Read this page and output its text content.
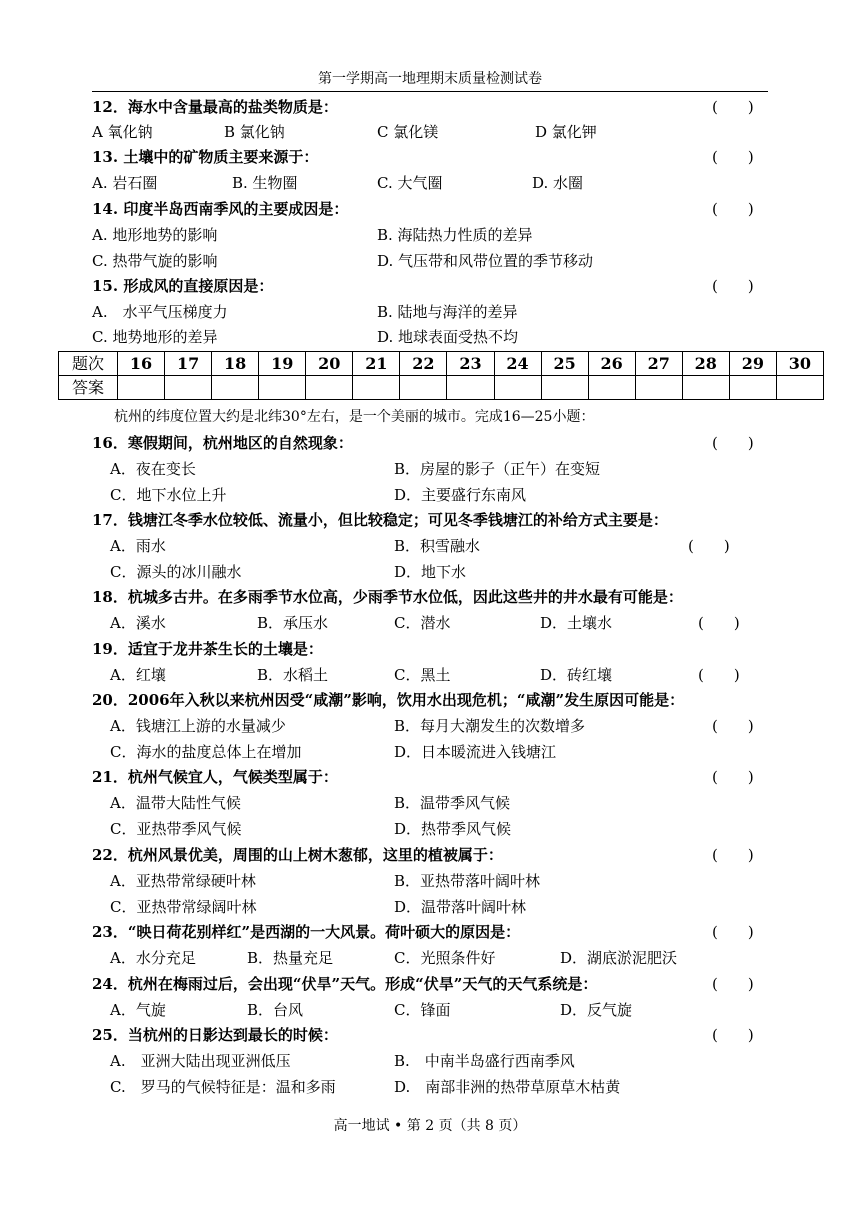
第一学期高一地理期末质量检测试卷
12．海水中含量最高的盐类物质是：	(　　)
A 氧化钠	B 氯化钠	C 氯化镁	D 氯化钾
13. 土壤中的矿物质主要来源于：	(　　)
A. 岩石圈	B. 生物圈	C. 大气圈	D. 水圈
14. 印度半岛西南季风的主要成因是：	(　　)
A. 地形地势的影响	B. 海陆热力性质的差异
C. 热带气旋的影响	D. 气压带和风带位置的季节移动
15. 形成风的直接原因是：	(　　)
A.　水平气压梯度力	B. 陆地与海洋的差异
C. 地势地形的差异	D. 地球表面受热不均
题次	16	17	18	19	20	21	22	23	24	25	26	27	28	29	30
答案															
杭州的纬度位置大约是北纬30°左右，是一个美丽的城市。完成16—25小题：
16．寒假期间，杭州地区的自然现象：	(　　)
A．夜在变长	B．房屋的影子（正午）在变短
C．地下水位上升	D．主要盛行东南风
17．钱塘江冬季水位较低、流量小，但比较稳定；可见冬季钱塘江的补给方式主要是：
A．雨水	B．积雪融水	(　　)
C．源头的冰川融水	D．地下水
18．杭城多古井。在多雨季节水位高，少雨季节水位低，因此这些井的井水最有可能是：
A．溪水	B．承压水	C．潜水	D．土壤水	(　　)
19．适宜于龙井茶生长的土壤是：
A．红壤	B．水稻土	C．黑土	D．砖红壤	(　　)
20．2006年入秋以来杭州因受“咸潮”影响，饮用水出现危机；“咸潮”发生原因可能是：
A．钱塘江上游的水量减少	B．每月大潮发生的次数增多	(　　)
C．海水的盐度总体上在增加	D．日本暖流进入钱塘江
21．杭州气候宜人，气候类型属于：	(　　)
A．温带大陆性气候	B．温带季风气候
C．亚热带季风气候	D．热带季风气候
22．杭州风景优美，周围的山上树木葱郁，这里的植被属于：	(　　)
A．亚热带常绿硬叶林	B．亚热带落叶阔叶林
C．亚热带常绿阔叶林	D．温带落叶阔叶林
23．“映日荷花别样红”是西湖的一大风景。荷叶硕大的原因是：	(　　)
A．水分充足	B．热量充足	C．光照条件好	D．湖底淤泥肥沃
24．杭州在梅雨过后，会出现“伏旱”天气。形成“伏旱”天气的天气系统是：	(　　)
A．气旋	B．台风	C．锋面	D．反气旋
25．当杭州的日影达到最长的时候：	(　　)
A.　亚洲大陆出现亚洲低压	B.　中南半岛盛行西南季风
C.　罗马的气候特征是：温和多雨	D.　南部非洲的热带草原草木枯黄
高一地试 • 第 2 页（共 8 页）
